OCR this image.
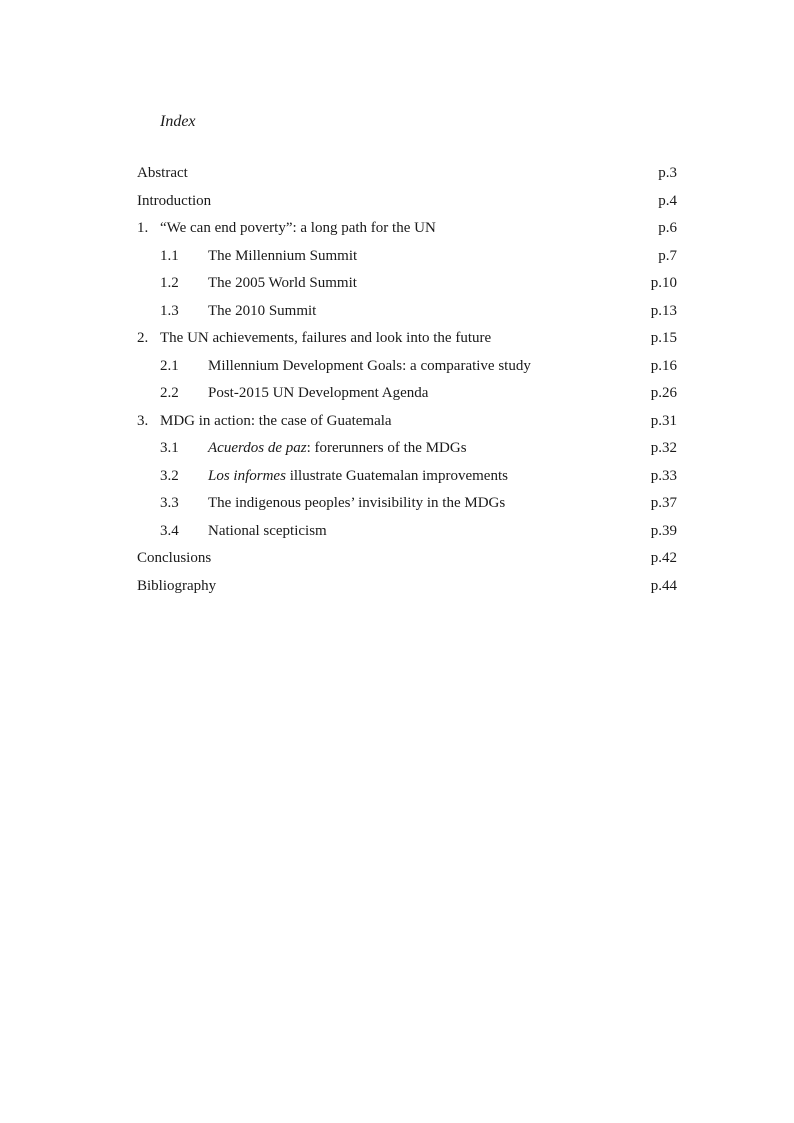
Index
Abstract	p.3
Introduction	p.4
1. “We can end poverty”: a long path for the UN	p.6
1.1 The Millennium Summit	p.7
1.2 The 2005 World Summit	p.10
1.3 The 2010 Summit	p.13
2. The UN achievements, failures and look into the future	p.15
2.1 Millennium Development Goals: a comparative study	p.16
2.2 Post-2015 UN Development Agenda	p.26
3. MDG in action: the case of Guatemala	p.31
3.1 Acuerdos de paz: forerunners of the MDGs	p.32
3.2 Los informes illustrate Guatemalan improvements	p.33
3.3 The indigenous peoples’ invisibility in the MDGs	p.37
3.4 National scepticism	p.39
Conclusions	p.42
Bibliography	p.44
